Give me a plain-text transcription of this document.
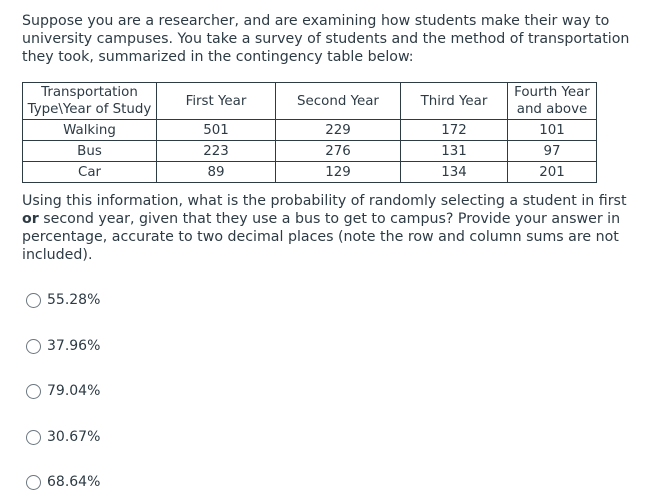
Suppose you are a researcher, and are examining how students make their way to university campuses. You take a survey of students and the method of transportation they took, summarized in the contingency table below:
Transportation
Type\Year of Study	First Year	Second Year	Third Year	Fourth Year
and above
Walking	501	229	172	101
Bus	223	276	131	97
Car	89	129	134	201
Using this information, what is the probability of randomly selecting a student in first or second year, given that they use a bus to get to campus? Provide your answer in percentage, accurate to two decimal places (note the row and column sums are not included).
55.28%
37.96%
79.04%
30.67%
68.64%
